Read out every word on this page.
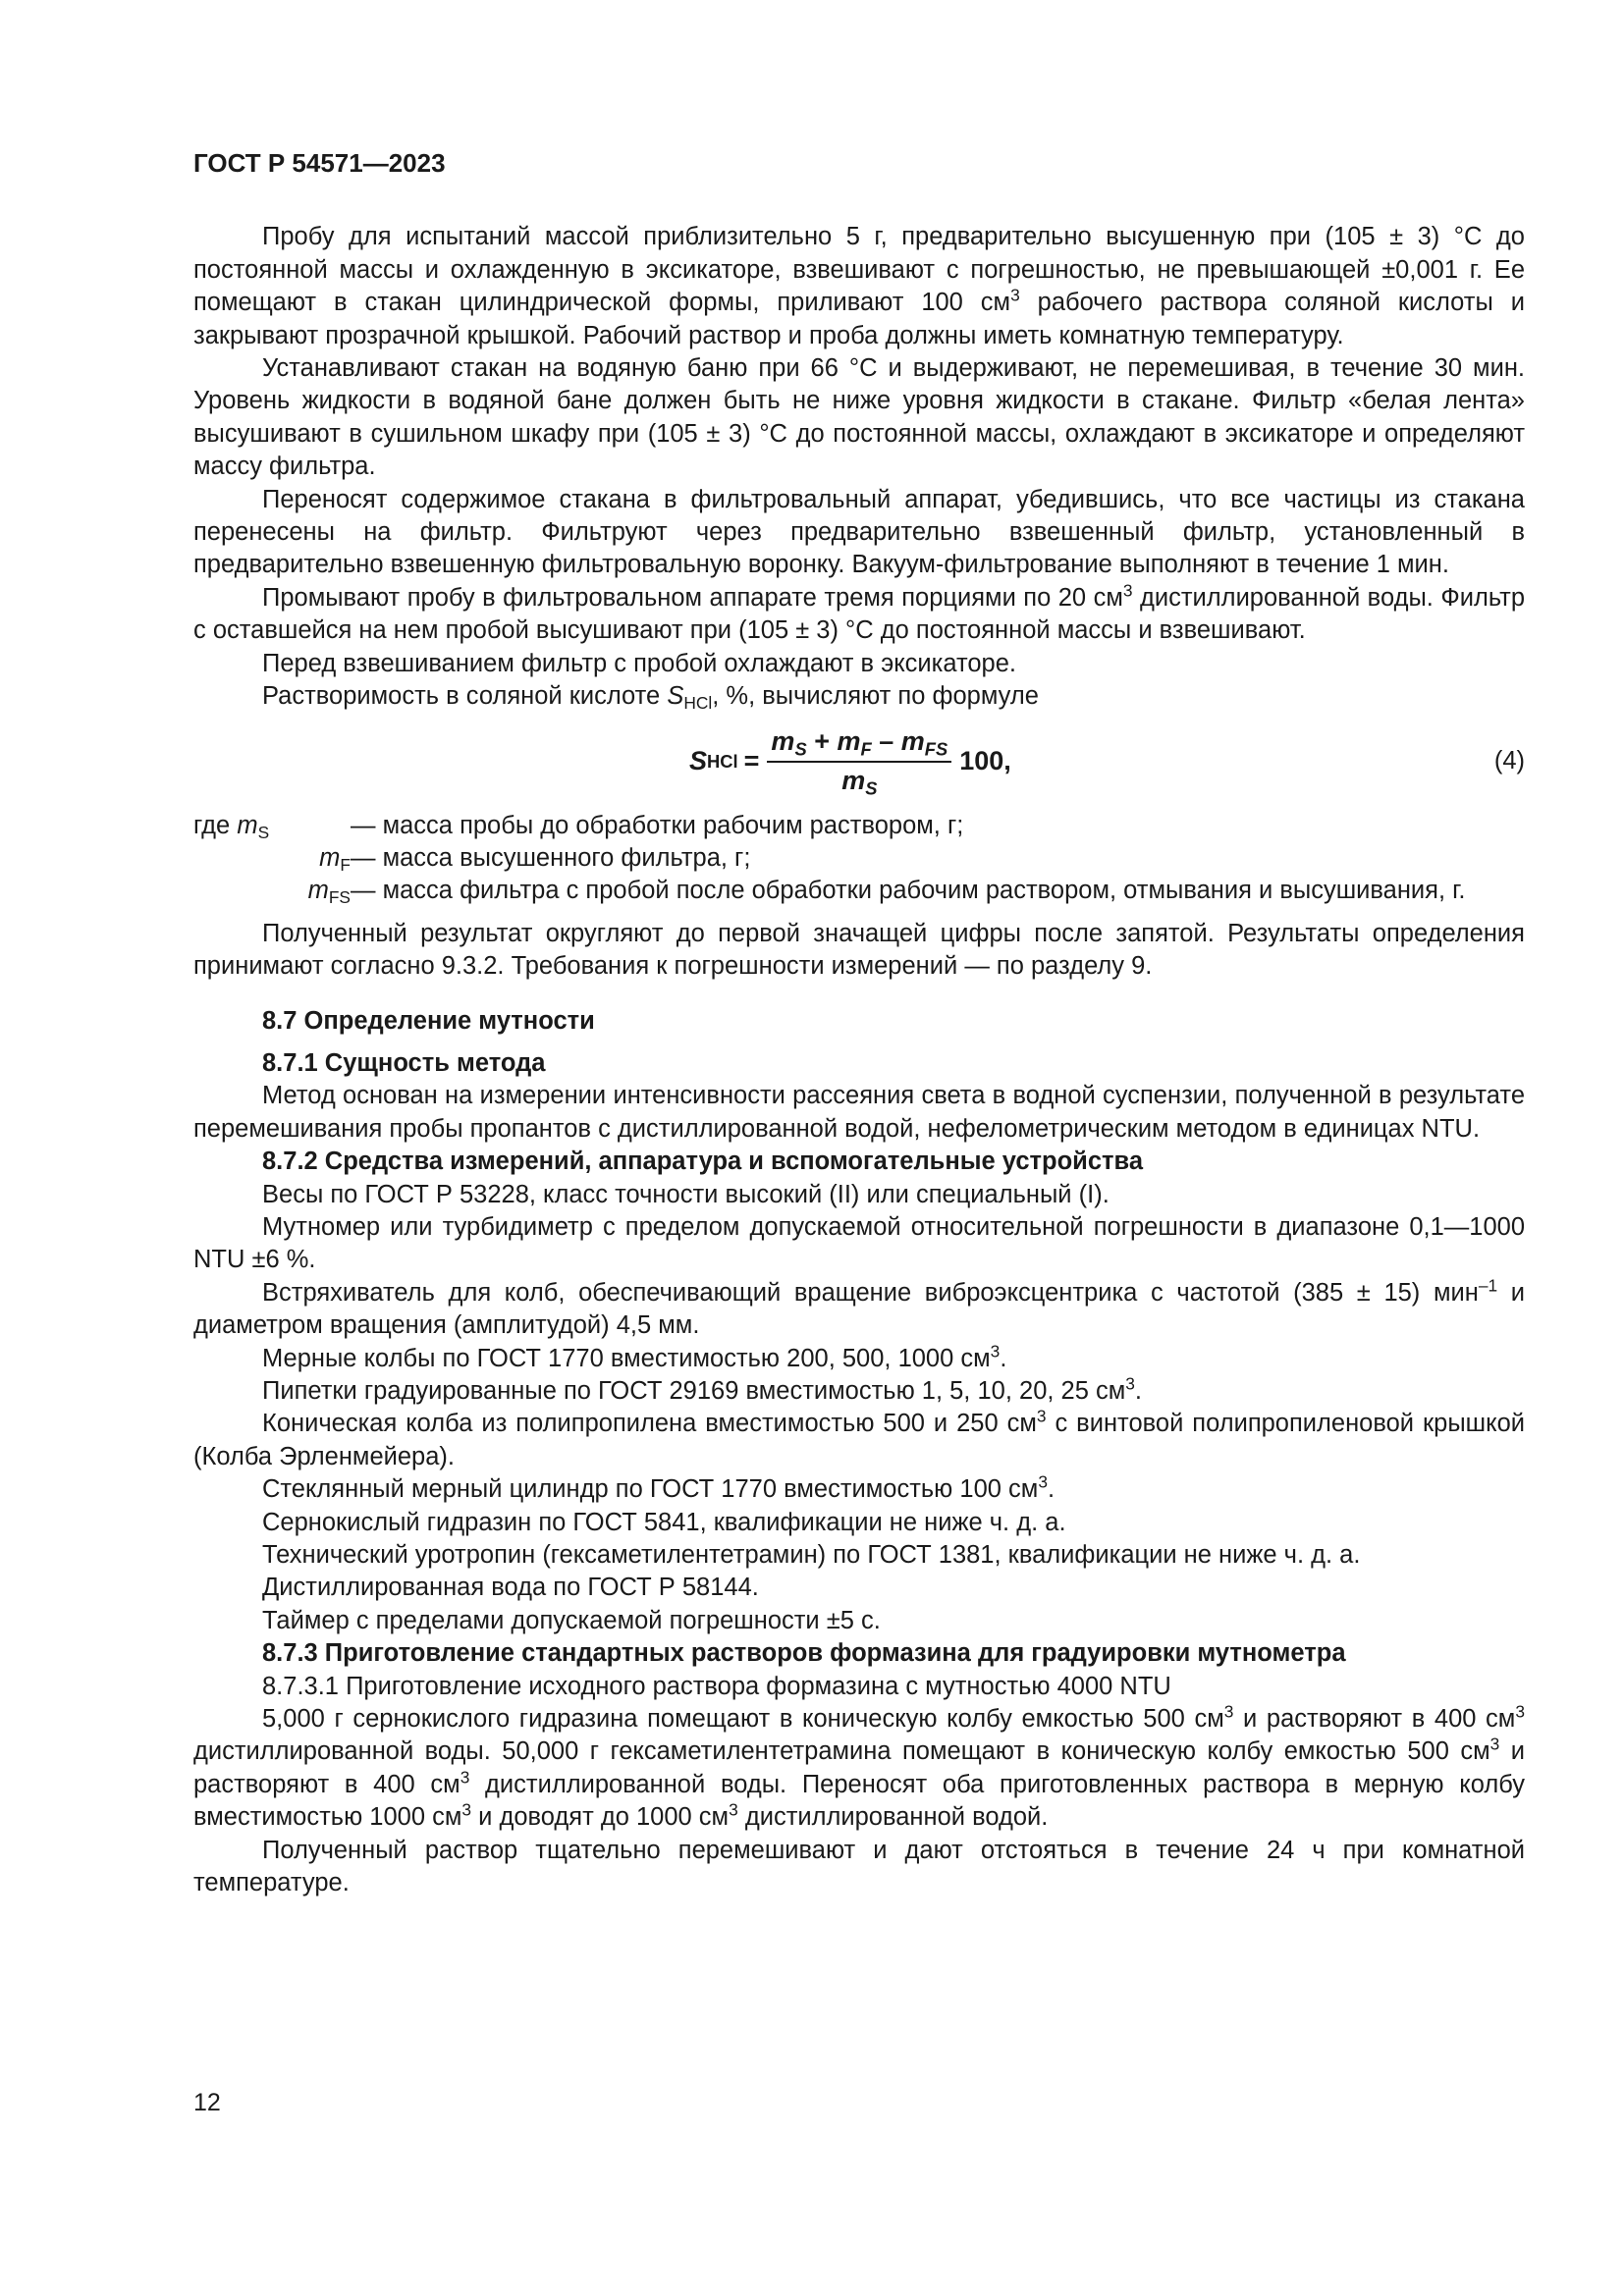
ГОСТ Р 54571—2023

Пробу для испытаний массой приблизительно 5 г, предварительно высушенную при (105 ± 3) °С до постоянной массы и охлажденную в эксикаторе, взвешивают с погрешностью, не превышающей ±0,001 г. Ее помещают в стакан цилиндрической формы, приливают 100 $см^3$ рабочего раствора соляной кислоты и закрывают прозрачной крышкой. Рабочий раствор и проба должны иметь комнатную температуру.

Устанавливают стакан на водяную баню при 66 °С и выдерживают, не перемешивая, в течение 30 мин. Уровень жидкости в водяной бане должен быть не ниже уровня жидкости в стакане. Фильтр «белая лента» высушивают в сушильном шкафу при (105 ± 3) °С до постоянной массы, охлаждают в эксикаторе и определяют массу фильтра.

Переносят содержимое стакана в фильтровальный аппарат, убедившись, что все частицы из стакана перенесены на фильтр. Фильтруют через предварительно взвешенный фильтр, установленный в предварительно взвешенную фильтровальную воронку. Вакуум-фильтрование выполняют в течение 1 мин.

Промывают пробу в фильтровальном аппарате тремя порциями по 20 $см^3$ дистиллированной воды. Фильтр с оставшейся на нем пробой высушивают при (105 ± 3) °С до постоянной массы и взвешивают.

Перед взвешиванием фильтр с пробой охлаждают в эксикаторе.

Растворимость в соляной кислоте $S_{HCl}$, %, вычисляют по формуле

S HCl = $\frac{m_S + m_F - m_{FS}}{m_S} 100$,	(4)
где $m_S$	— масса пробы до обработки рабочим раствором, г;
$m_F$ — масса высушенного фильтра, г;
$m_{FS}$ — масса фильтра с пробой после обработки рабочим раствором, отмывания и высушивания, г.

Полученный результат округляют до первой значащей цифры после запятой. Результаты определения принимают согласно 9.3.2. Требования к погрешности измерений — по разделу 9.

8.7 Определение мутности

8.7.1 Сущность метода

Метод основан на измерении интенсивности рассеяния света в водной суспензии, полученной в результате перемешивания пробы пропантов с дистиллированной водой, нефелометрическим методом в единицах NTU.

8.7.2 Средства измерений, аппаратура и вспомогательные устройства

Весы по ГОСТ Р 53228, класс точности высокий (II) или специальный (I).

Мутномер или турбидиметр с пределом допускаемой относительной погрешности в диапазоне 0,1—1000 NTU ±6 %.

Встряхиватель для колб, обеспечивающий вращение виброэксцентрика с частотой (385 ± 15) мин$^{-1}$ и диаметром вращения (амплитудой) 4,5 мм.

Мерные колбы по ГОСТ 1770 вместимостью 200, 500, 1000 $см^3$.

Пипетки градуированные по ГОСТ 29169 вместимостью 1, 5, 10, 20, 25 $см^3$.

Коническая колба из полипропилена вместимостью 500 и 250 $см^3$ с винтовой полипропиленовой крышкой (Колба Эрленмейера).

Стеклянный мерный цилиндр по ГОСТ 1770 вместимостью 100 $см^3$.

Сернокислый гидразин по ГОСТ 5841, квалификации не ниже ч. д. а.

Технический уротропин (гексаметилентетрамин) по ГОСТ 1381, квалификации не ниже ч. д. а.

Дистиллированная вода по ГОСТ Р 58144.

Таймер с пределами допускаемой погрешности ±5 с.

8.7.3 Приготовление стандартных растворов формазина для градуировки мутнометра

8.7.3.1 Приготовление исходного раствора формазина с мутностью 4000 NTU

5,000 г сернокислого гидразина помещают в коническую колбу емкостью 500 $см^3$ и растворяют в 400 $см^3$ дистиллированной воды. 50,000 г гексаметилентетрамина помещают в коническую колбу емкостью 500 $см^3$ и растворяют в 400 $см^3$ дистиллированной воды. Переносят оба приготовленных раствора в мерную колбу вместимостью 1000 $см^3$ и доводят до 1000 $см^3$ дистиллированной водой.

Полученный раствор тщательно перемешивают и дают отстояться в течение 24 ч при комнатной температуре.

12
